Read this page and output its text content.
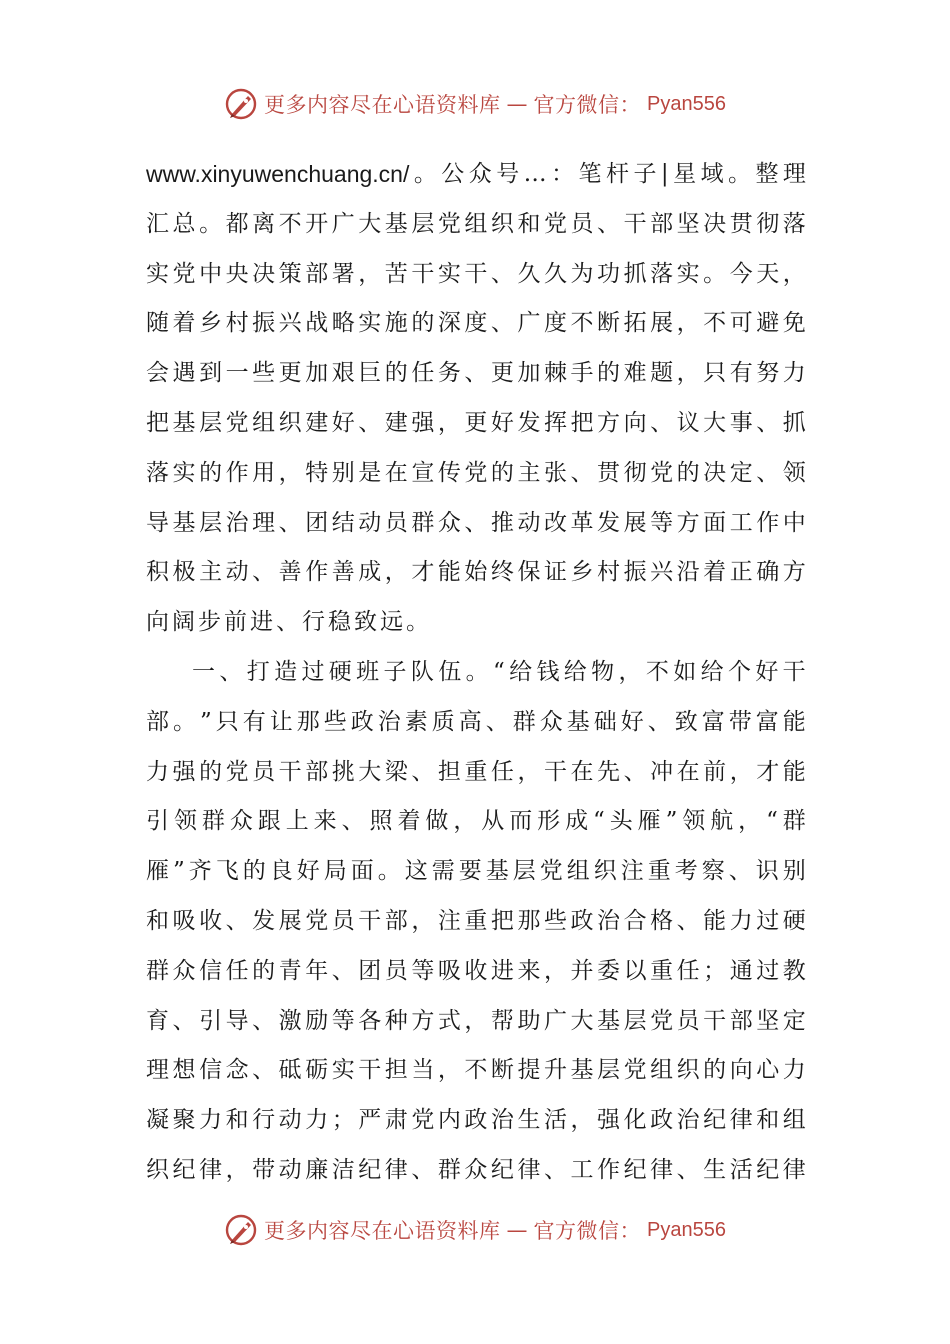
更多内容尽在心语资料库 — 官方微信： Pyan556
www.xinyuwenchuang.cn/ 。 公 众 号 … ： 笔 杆 子 | 星 域 。 整 理
汇 总 。 都 离 不 开 广 大 基 层 党 组 织 和 党 员 、 干 部 坚 决 贯 彻 落
实 党 中 央 决 策 部 署 ， 苦 干 实 干 、 久 久 为 功 抓 落 实 。 今 天 ，
随 着 乡 村 振 兴 战 略 实 施 的 深 度 、 广 度 不 断 拓 展 ， 不 可 避 免
会 遇 到 一 些 更 加 艰 巨 的 任 务 、 更 加 棘 手 的 难 题 ， 只 有 努 力
把 基 层 党 组 织 建 好 、 建 强 ， 更 好 发 挥 把 方 向 、 议 大 事 、 抓
落 实 的 作 用 ， 特 别 是 在 宣 传 党 的 主 张 、 贯 彻 党 的 决 定 、 领
导 基 层 治 理 、 团 结 动 员 群 众 、 推 动 改 革 发 展 等 方 面 工 作 中
积 极 主 动 、 善 作 善 成 ， 才 能 始 终 保 证 乡 村 振 兴 沿 着 正 确 方
向阔步前进、行稳致远。
一 、 打 造 过 硬 班 子 队 伍 。 “ 给 钱 给 物 ， 不 如 给 个 好 干
部 。 ” 只 有 让 那 些 政 治 素 质 高 、 群 众 基 础 好 、 致 富 带 富 能
力 强 的 党 员 干 部 挑 大 梁 、 担 重 任 ， 干 在 先 、 冲 在 前 ， 才 能
引 领 群 众 跟 上 来 、 照 着 做 ， 从 而 形 成 “ 头 雁 ” 领 航 ， “ 群
雁 ” 齐 飞 的 良 好 局 面 。 这 需 要 基 层 党 组 织 注 重 考 察 、 识 别
和 吸 收 、 发 展 党 员 干 部 ， 注 重 把 那 些 政 治 合 格 、 能 力 过 硬
群 众 信 任 的 青 年 、 团 员 等 吸 收 进 来 ， 并 委 以 重 任 ； 通 过 教
育 、 引 导 、 激 励 等 各 种 方 式 ， 帮 助 广 大 基 层 党 员 干 部 坚 定
理 想 信 念 、 砥 砺 实 干 担 当 ， 不 断 提 升 基 层 党 组 织 的 向 心 力
凝 聚 力 和 行 动 力 ； 严 肃 党 内 政 治 生 活 ， 强 化 政 治 纪 律 和 组
织 纪 律 ， 带 动 廉 洁 纪 律 、 群 众 纪 律 、 工 作 纪 律 、 生 活 纪 律
更多内容尽在心语资料库 — 官方微信： Pyan556
